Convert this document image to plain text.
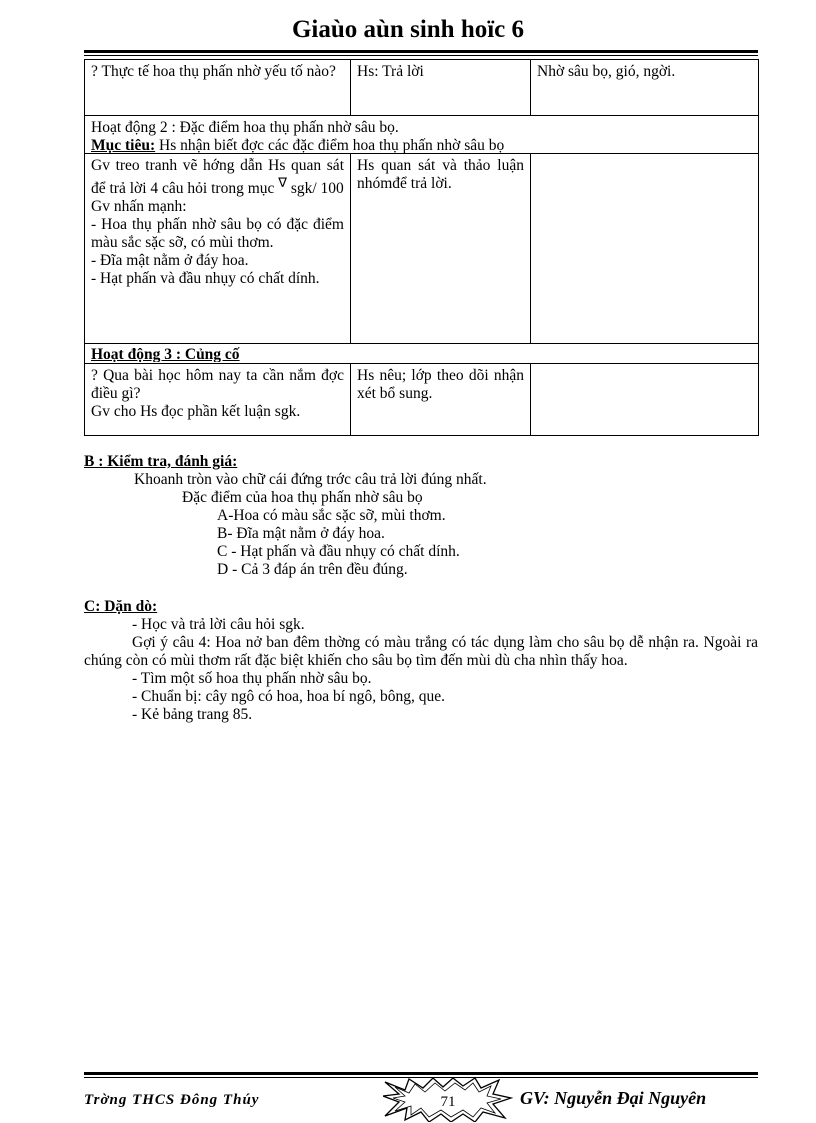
Giaùo aùn sinh hoïc 6
? Thực tế hoa thụ phấn nhờ yếu tố nào?	Hs: Trả lời	Nhờ sâu bọ, gió, ngời.

Hoạt động 2 : Đặc điểm hoa thụ phấn nhờ sâu bọ.
Mục tiêu: Hs nhận biết đợc các đặc điểm hoa thụ phấn nhờ sâu bọ		

Gv treo tranh vẽ hớng dẫn Hs quan sát để trả lời 4 câu hỏi trong mục ∇ sgk/ 100
Gv nhấn mạnh:
- Hoa thụ phấn nhờ sâu bọ có đặc điểm màu sắc sặc sỡ, có mùi thơm.
- Đĩa mật nằm ở đáy hoa.
- Hạt phấn và đầu nhụy có chất dính.	Hs quan sát và thảo luận nhómđể trả lời.	

Hoạt động 3 : Củng cố		

? Qua bài học hôm nay ta cần nắm đợc điều gì?
Gv cho Hs đọc phần kết luận sgk.	Hs nêu; lớp theo dõi nhận xét bổ sung.	
B : Kiểm tra, đánh giá:
Khoanh tròn vào chữ cái đứng trớc câu trả lời đúng nhất.
Đặc điểm của hoa thụ phấn nhờ sâu bọ
A-Hoa có màu sắc sặc sỡ, mùi thơm.
B- Đĩa mật nằm ở đáy hoa.
C - Hạt phấn và đầu nhụy có chất dính.
D - Cả 3 đáp án trên đều đúng.
C: Dặn dò:
- Học và trả lời câu hỏi sgk.
Gợi ý câu 4: Hoa nở ban đêm thờng có màu trắng có tác dụng làm cho sâu bọ dễ nhận ra. Ngoài ra chúng còn có mùi thơm rất đặc biệt khiến cho sâu bọ tìm đến mùi dù cha nhìn thấy hoa.
- Tìm một số hoa thụ phấn nhờ sâu bọ.
- Chuẩn bị: cây ngô có hoa, hoa bí ngô, bông, que.
- Kẻ bảng trang 85.
Trờng THCS Đông Thúy	71	GV: Nguyễn Đại Nguyên
